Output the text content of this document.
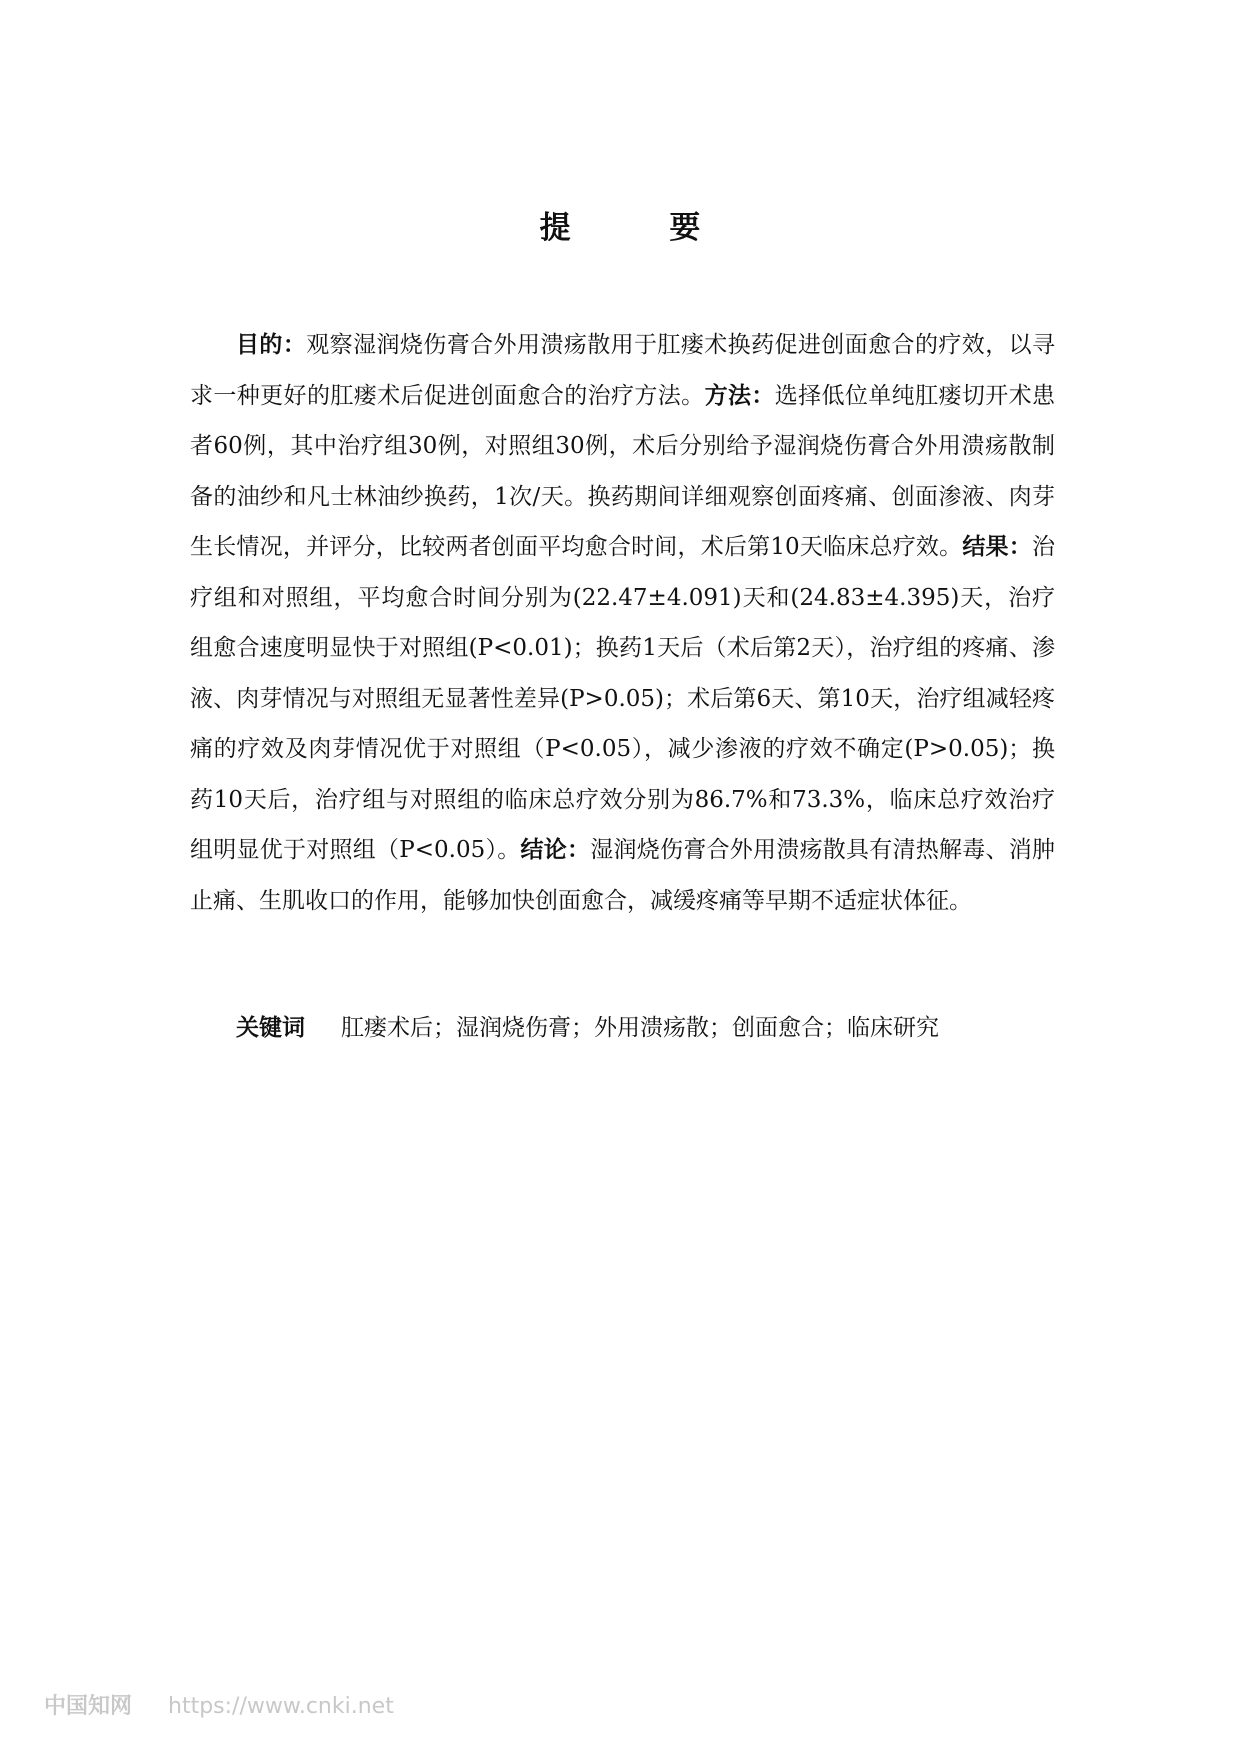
提 要

目的：观察湿润烧伤膏合外用溃疡散用于肛瘘术换药促进创面愈合的疗效，以寻求一种更好的肛瘘术后促进创面愈合的治疗方法。方法：选择低位单纯肛瘘切开术患者60例，其中治疗组30例，对照组30例，术后分别给予湿润烧伤膏合外用溃疡散制备的油纱和凡士林油纱换药，1次/天。换药期间详细观察创面疼痛、创面渗液、肉芽生长情况，并评分，比较两者创面平均愈合时间，术后第10天临床总疗效。结果：治疗组和对照组，平均愈合时间分别为(22.47±4.091)天和(24.83±4.395)天，治疗组愈合速度明显快于对照组(P<0.01)；换药1天后（术后第2天），治疗组的疼痛、渗液、肉芽情况与对照组无显著性差异(P>0.05)；术后第6天、第10天，治疗组减轻疼痛的疗效及肉芽情况优于对照组（P<0.05），减少渗液的疗效不确定(P>0.05)；换药10天后，治疗组与对照组的临床总疗效分别为86.7%和73.3%，临床总疗效治疗组明显优于对照组（P<0.05）。结论：湿润烧伤膏合外用溃疡散具有清热解毒、消肿止痛、生肌收口的作用，能够加快创面愈合，减缓疼痛等早期不适症状体征。

关键词 肛瘘术后；湿润烧伤膏；外用溃疡散；创面愈合；临床研究
中国知网 https://www.cnki.net
